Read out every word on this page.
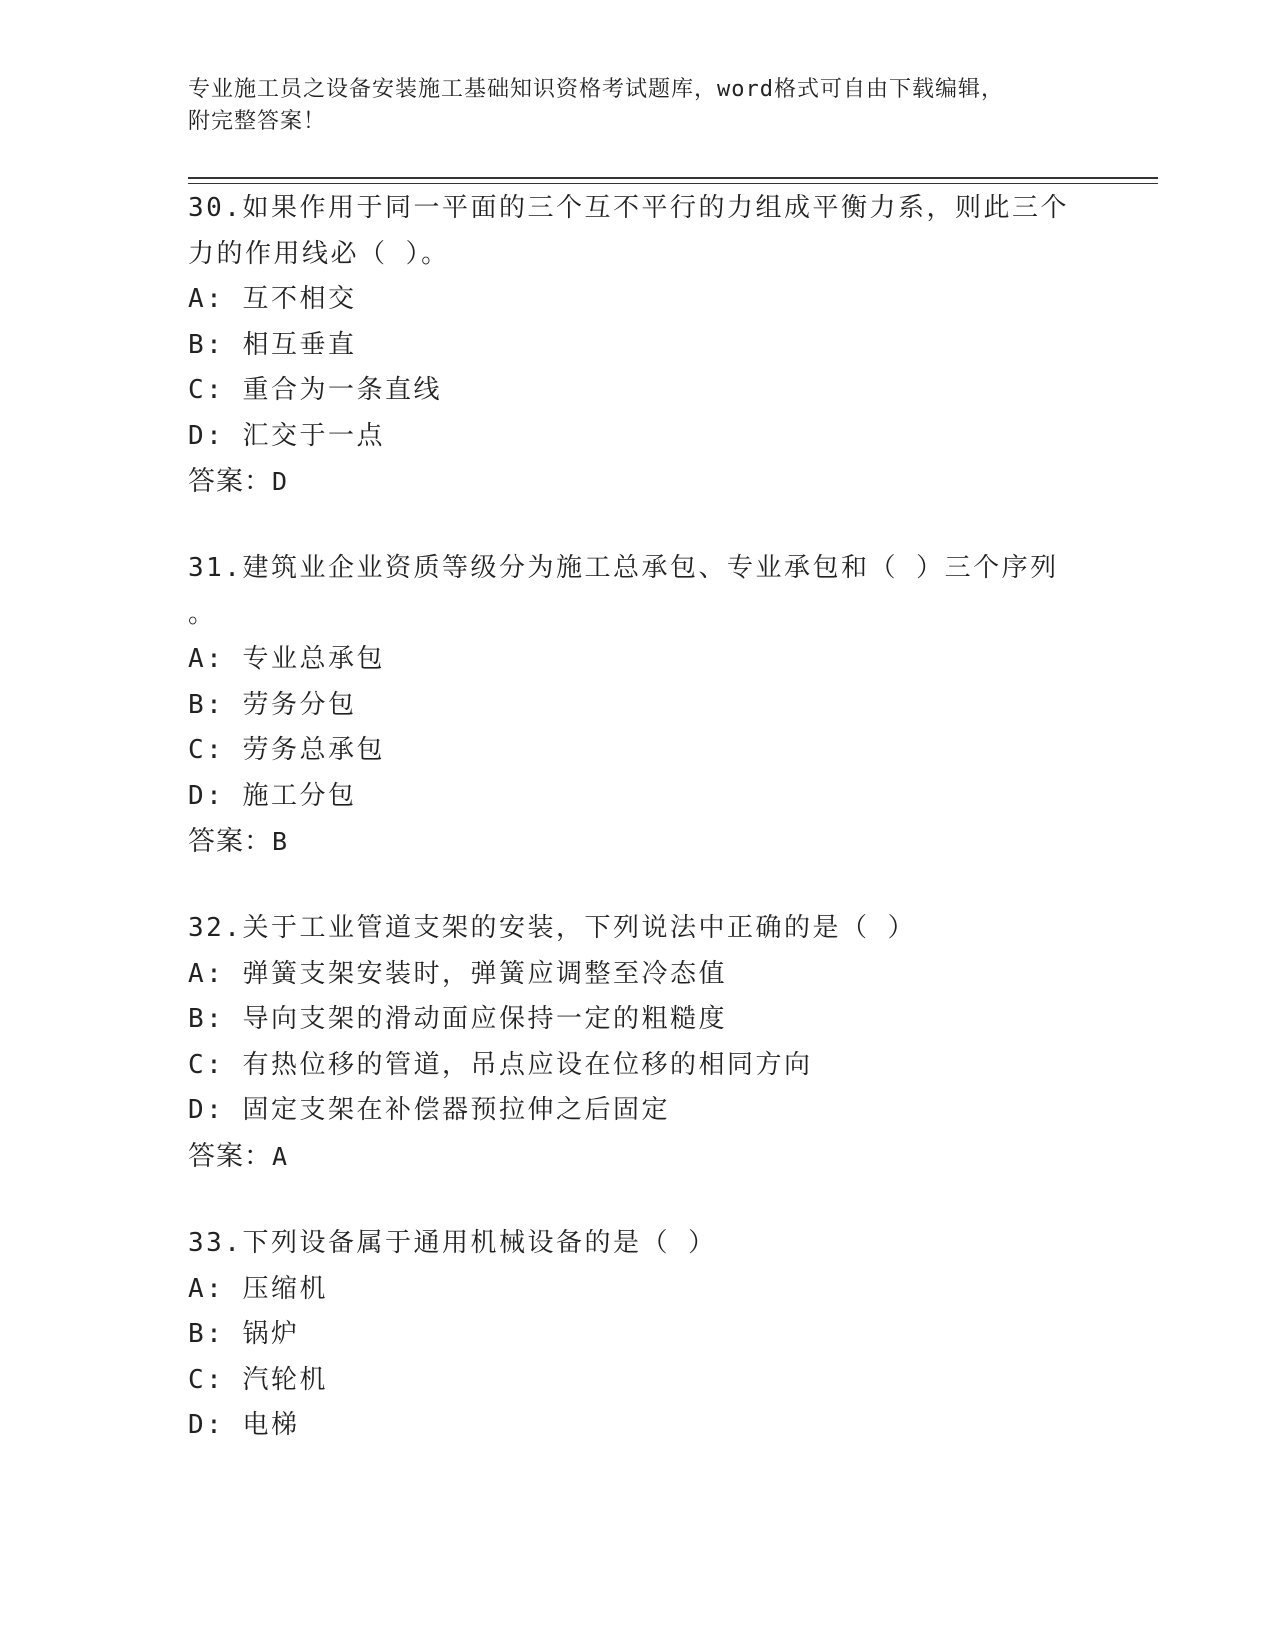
专业施工员之设备安装施工基础知识资格考试题库，word格式可自由下载编辑，
附完整答案！
30.如果作用于同一平面的三个互不平行的力组成平衡力系，则此三个
力的作用线必（ ）。
A: 互不相交
B: 相互垂直
C: 重合为一条直线
D: 汇交于一点
答案：D
31.建筑业企业资质等级分为施工总承包、专业承包和（ ）三个序列
。
A: 专业总承包
B: 劳务分包
C: 劳务总承包
D: 施工分包
答案：B
32.关于工业管道支架的安装，下列说法中正确的是（ ）
A: 弹簧支架安装时，弹簧应调整至冷态值
B: 导向支架的滑动面应保持一定的粗糙度
C: 有热位移的管道，吊点应设在位移的相同方向
D: 固定支架在补偿器预拉伸之后固定
答案：A
33.下列设备属于通用机械设备的是（ ）
A: 压缩机
B: 锅炉
C: 汽轮机
D: 电梯
